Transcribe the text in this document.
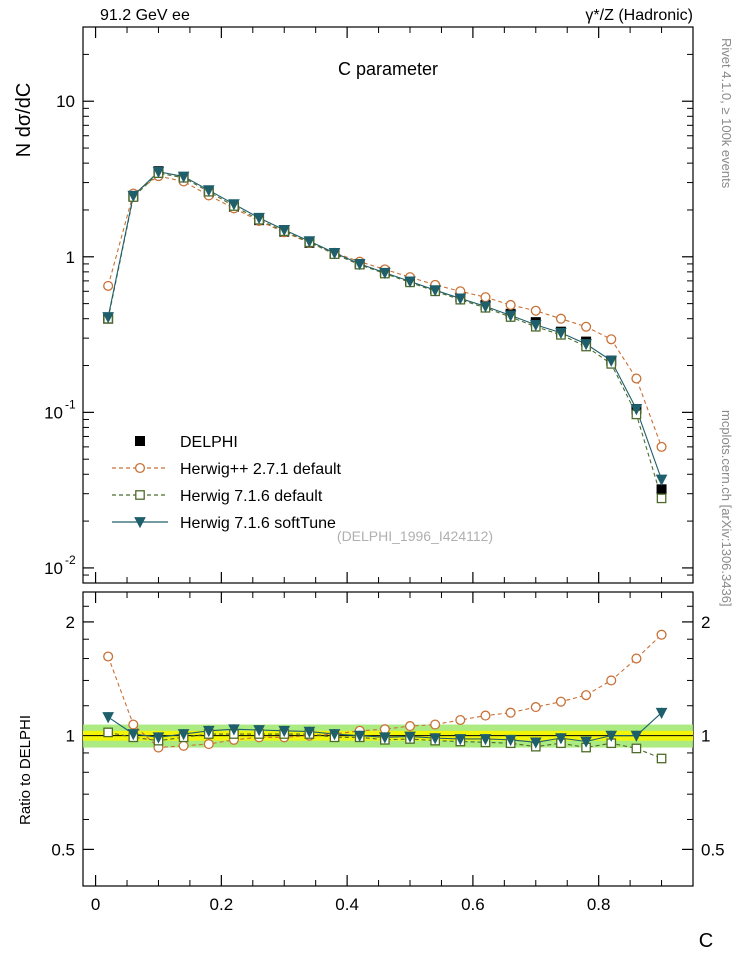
91.2 GeV ee	γ*/Z (Hadronic)
Rivet 4.1.0, ≥ 100k events
mcplots.cern.ch [arXiv:1306.3436]
10
1
10 -1
10 -2
2	2
1	1
0.5	0.5
0	0.2	0.4	0.6	0.8
C
N dσ/dC
Ratio to DELPHI
C parameter
(DELPHI_1996_I424112)
DELPHI
Herwig++ 2.7.1 default
Herwig 7.1.6 default
Herwig 7.1.6 softTune
